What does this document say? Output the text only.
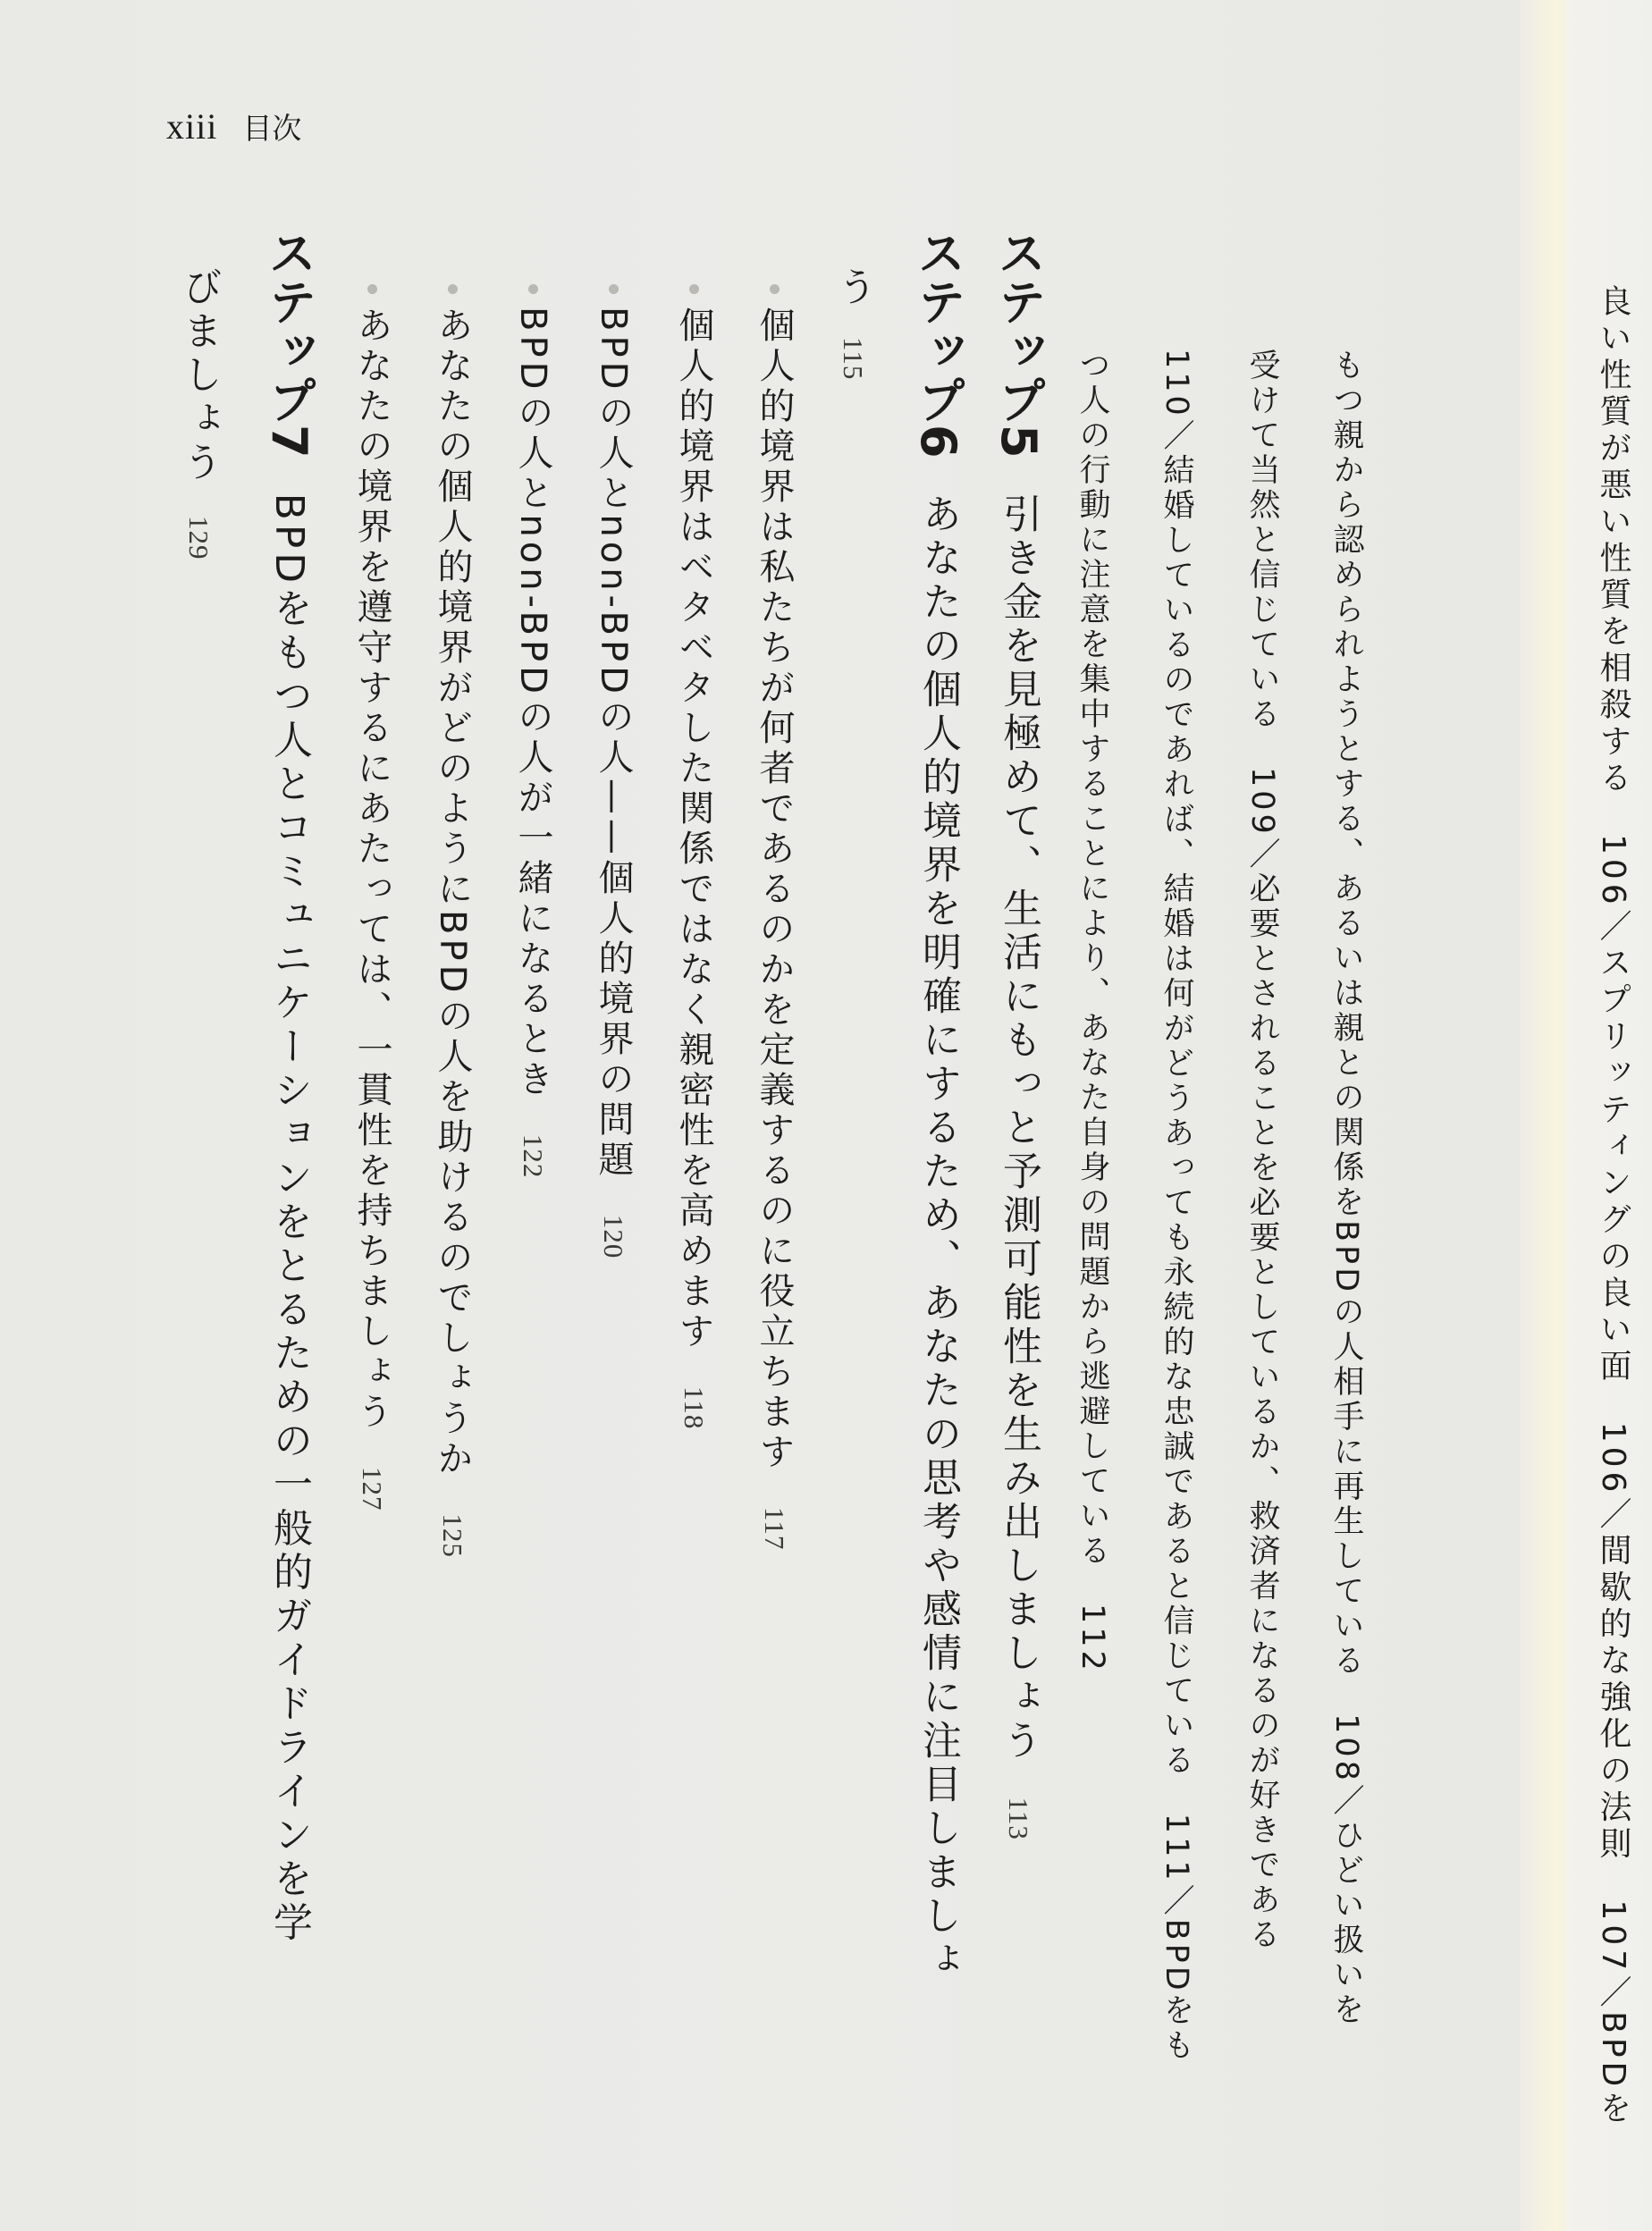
xiii 目次
良い性質が悪い性質を相殺する　106／スプリッティングの良い面　106／間歇的な強化の法則　107／BPDを
もつ親から認められようとする、あるいは親との関係をBPDの人相手に再生している　108／ひどい扱いを
受けて当然と信じている　109／必要とされることを必要としているか、救済者になるのが好きである
110／結婚しているのであれば、結婚は何がどうあっても永続的な忠誠であると信じている　111／BPDをも
つ人の行動に注意を集中することにより、あなた自身の問題から逃避している　112
ステップ5引き金を見極めて、生活にもっと予測可能性を生み出しましょう113
ステップ6あなたの個人的境界を明確にするため、あなたの思考や感情に注目しましょ
う115
個人的境界は私たちが何者であるのかを定義するのに役立ちます117
個人的境界はベタベタした関係ではなく親密性を高めます118
BPDの人とnon-BPDの人——個人的境界の問題120
BPDの人とnon-BPDの人が一緒になるとき122
あなたの個人的境界がどのようにBPDの人を助けるのでしょうか125
あなたの境界を遵守するにあたっては、一貫性を持ちましょう127
ステップ7BPDをもつ人とコミュニケーションをとるための一般的ガイドラインを学
びましょう129
